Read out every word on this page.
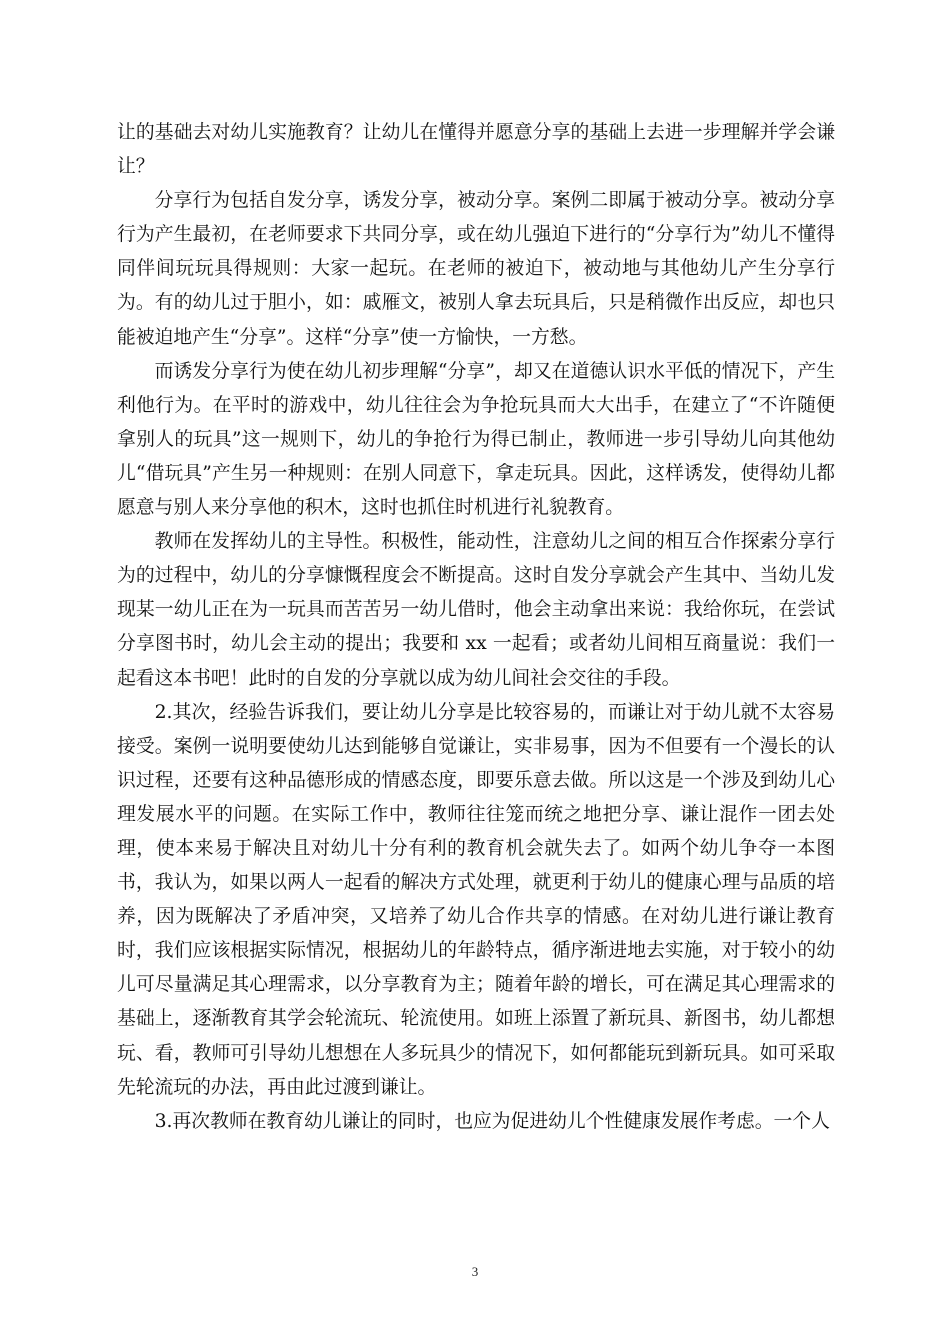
让的基础去对幼儿实施教育？让幼儿在懂得并愿意分享的基础上去进一步理解并学会谦让？

分享行为包括自发分享，诱发分享，被动分享。案例二即属于被动分享。被动分享行为产生最初，在老师要求下共同分享，或在幼儿强迫下进行的“分享行为”幼儿不懂得同伴间玩玩具得规则：大家一起玩。在老师的被迫下，被动地与其他幼儿产生分享行为。有的幼儿过于胆小，如：戚雁文，被别人拿去玩具后，只是稍微作出反应，却也只能被迫地产生“分享”。这样“分享”使一方愉快，一方愁。

而诱发分享行为使在幼儿初步理解“分享”，却又在道德认识水平低的情况下，产生利他行为。在平时的游戏中，幼儿往往会为争抢玩具而大大出手，在建立了“不许随便拿别人的玩具”这一规则下，幼儿的争抢行为得已制止，教师进一步引导幼儿向其他幼儿“借玩具”产生另一种规则：在别人同意下，拿走玩具。因此，这样诱发，使得幼儿都愿意与别人来分享他的积木，这时也抓住时机进行礼貌教育。

教师在发挥幼儿的主导性。积极性，能动性，注意幼儿之间的相互合作探索分享行为的过程中，幼儿的分享慷慨程度会不断提高。这时自发分享就会产生其中、当幼儿发现某一幼儿正在为一玩具而苦苦另一幼儿借时，他会主动拿出来说：我给你玩，在尝试分享图书时，幼儿会主动的提出；我要和 xx 一起看；或者幼儿间相互商量说：我们一起看这本书吧！此时的自发的分享就以成为幼儿间社会交往的手段。

2.其次，经验告诉我们，要让幼儿分享是比较容易的，而谦让对于幼儿就不太容易接受。案例一说明要使幼儿达到能够自觉谦让，实非易事，因为不但要有一个漫长的认识过程，还要有这种品德形成的情感态度，即要乐意去做。所以这是一个涉及到幼儿心理发展水平的问题。在实际工作中，教师往往笼而统之地把分享、谦让混作一团去处理，使本来易于解决且对幼儿十分有利的教育机会就失去了。如两个幼儿争夺一本图书，我认为，如果以两人一起看的解决方式处理，就更利于幼儿的健康心理与品质的培养，因为既解决了矛盾冲突，又培养了幼儿合作共享的情感。在对幼儿进行谦让教育时，我们应该根据实际情况，根据幼儿的年龄特点，循序渐进地去实施，对于较小的幼儿可尽量满足其心理需求，以分享教育为主；随着年龄的增长，可在满足其心理需求的基础上，逐渐教育其学会轮流玩、轮流使用。如班上添置了新玩具、新图书，幼儿都想玩、看，教师可引导幼儿想想在人多玩具少的情况下，如何都能玩到新玩具。如可采取先轮流玩的办法，再由此过渡到谦让。

3.再次教师在教育幼儿谦让的同时，也应为促进幼儿个性健康发展作考虑。一个人

3
